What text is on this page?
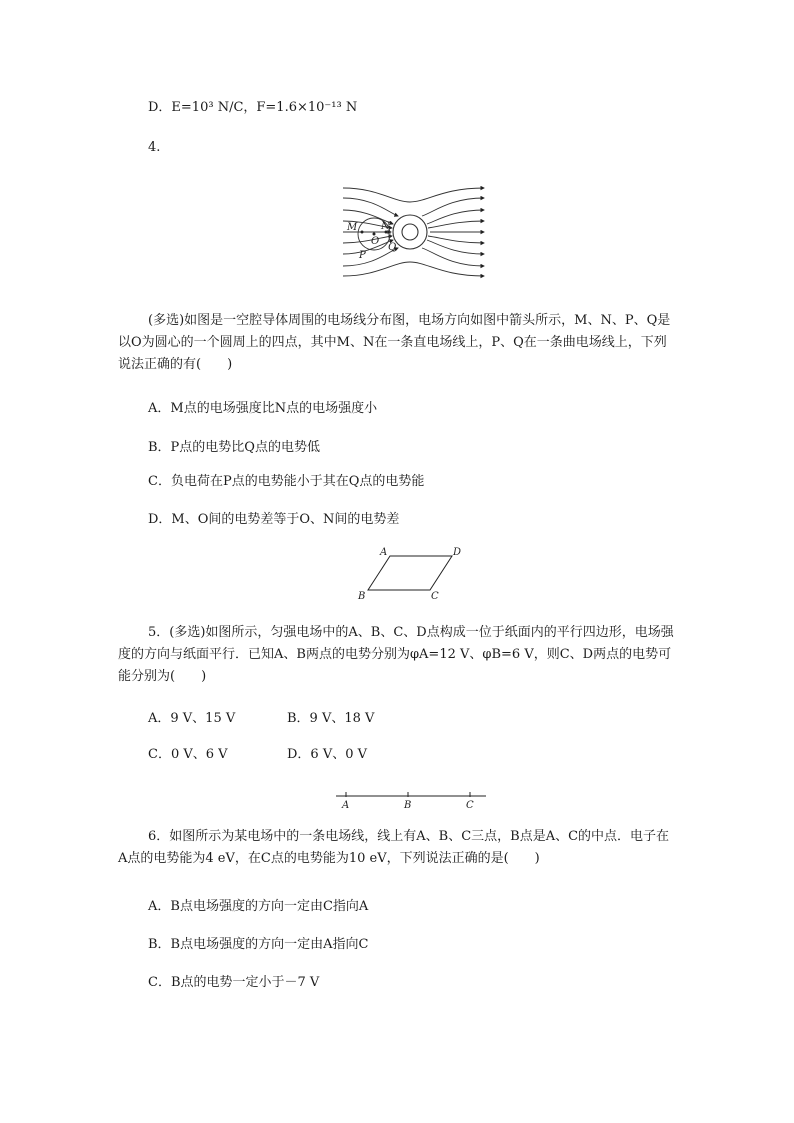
D．E=10³ N/C，F=1.6×10⁻¹³ N
4.
M N
O
P
Q

(多选)如图是一空腔导体周围的电场线分布图，电场方向如图中箭头所示，M、N、P、Q是以O为圆心的一个圆周上的四点，其中M、N在一条直电场线上，P、Q在一条曲电场线上，下列说法正确的有(　　)

A．M点的电场强度比N点的电场强度小
B．P点的电势比Q点的电势低
C．负电荷在P点的电势能小于其在Q点的电势能
D．M、O间的电势差等于O、N间的电势差
A	D
B	C

5．(多选)如图所示，匀强电场中的A、B、C、D点构成一位于纸面内的平行四边形，电场强度的方向与纸面平行．已知A、B两点的电势分别为φA=12 V、φB=6 V，则C、D两点的电势可能分别为(　　)

A．9 V、15 V	B．9 V、18 V
C．0 V、6 V	D．6 V、0 V
A	B	C

6．如图所示为某电场中的一条电场线，线上有A、B、C三点，B点是A、C的中点．电子在A点的电势能为4 eV，在C点的电势能为10 eV，下列说法正确的是(　　)

A．B点电场强度的方向一定由C指向A
B．B点电场强度的方向一定由A指向C
C．B点的电势一定小于－7 V
